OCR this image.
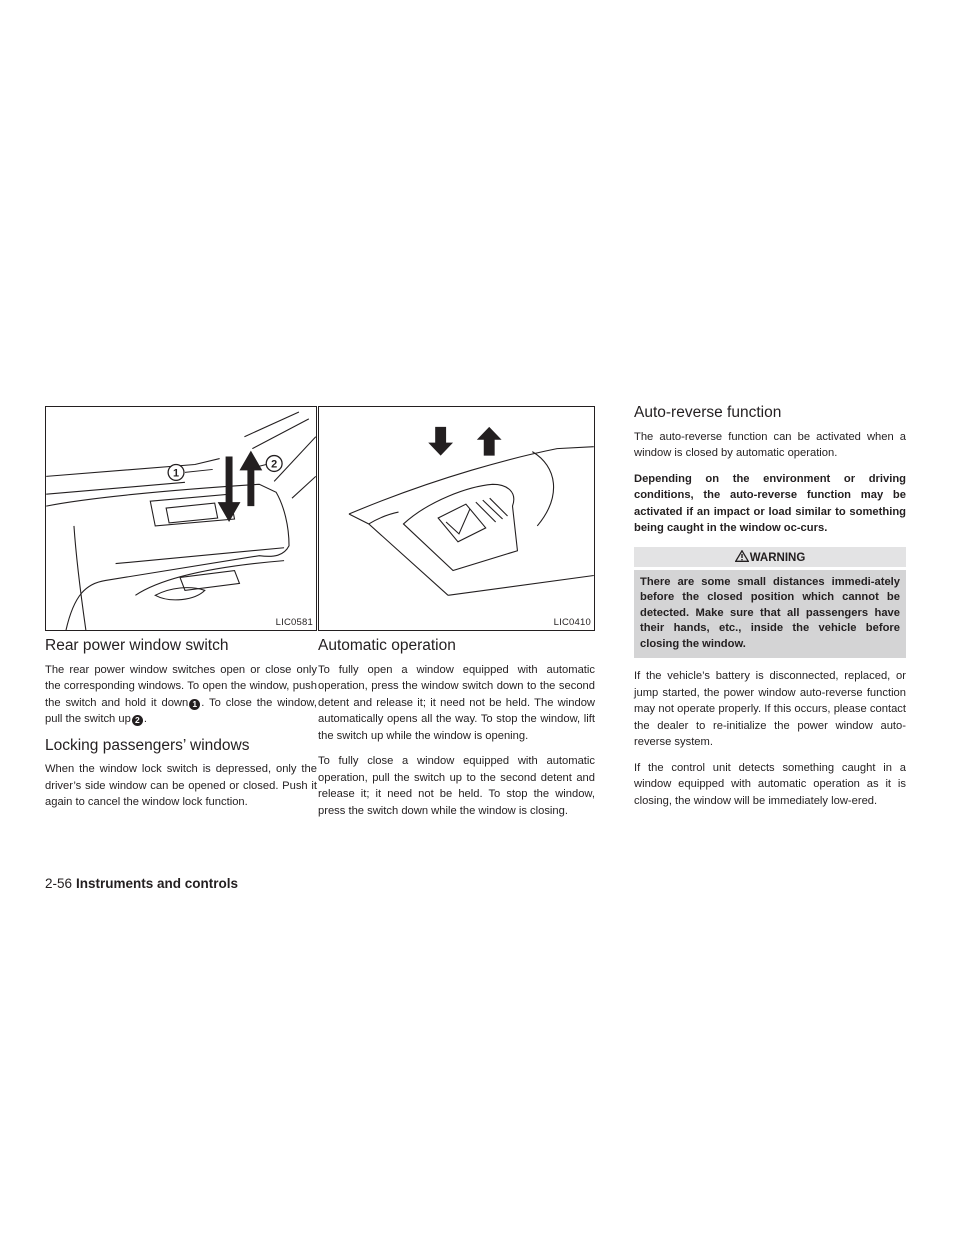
1
2
LIC0581
Rear power window switch

The rear power window switches open or close only the corresponding windows. To open the window, push the switch and hold it down 1 . To close the window, pull the switch up 2 .

Locking passengers’ windows

When the window lock switch is depressed, only the driver’s side window can be opened or closed. Push it again to cancel the window lock function.

LIC0410
Automatic operation

To fully open a window equipped with automatic operation, press the window switch down to the second detent and release it; it need not be held. The window automatically opens all the way. To stop the window, lift the switch up while the window is opening.

To fully close a window equipped with automatic operation, pull the switch up to the second detent and release it; it need not be held. To stop the window, press the switch down while the window is closing.

Auto-reverse function

The auto-reverse function can be activated when a window is closed by automatic operation.

Depending on the environment or driving conditions, the auto-reverse function may be activated if an impact or load similar to something being caught in the window oc-curs.

WARNING
There are some small distances immedi-ately before the closed position which cannot be detected. Make sure that all passengers have their hands, etc., inside the vehicle before closing the window.

If the vehicle’s battery is disconnected, replaced, or jump started, the power window auto-reverse function may not operate properly. If this occurs, please contact the dealer to re-initialize the power window auto-reverse system.

If the control unit detects something caught in a window equipped with automatic operation as it is closing, the window will be immediately low-ered.

2-56 Instruments and controls
